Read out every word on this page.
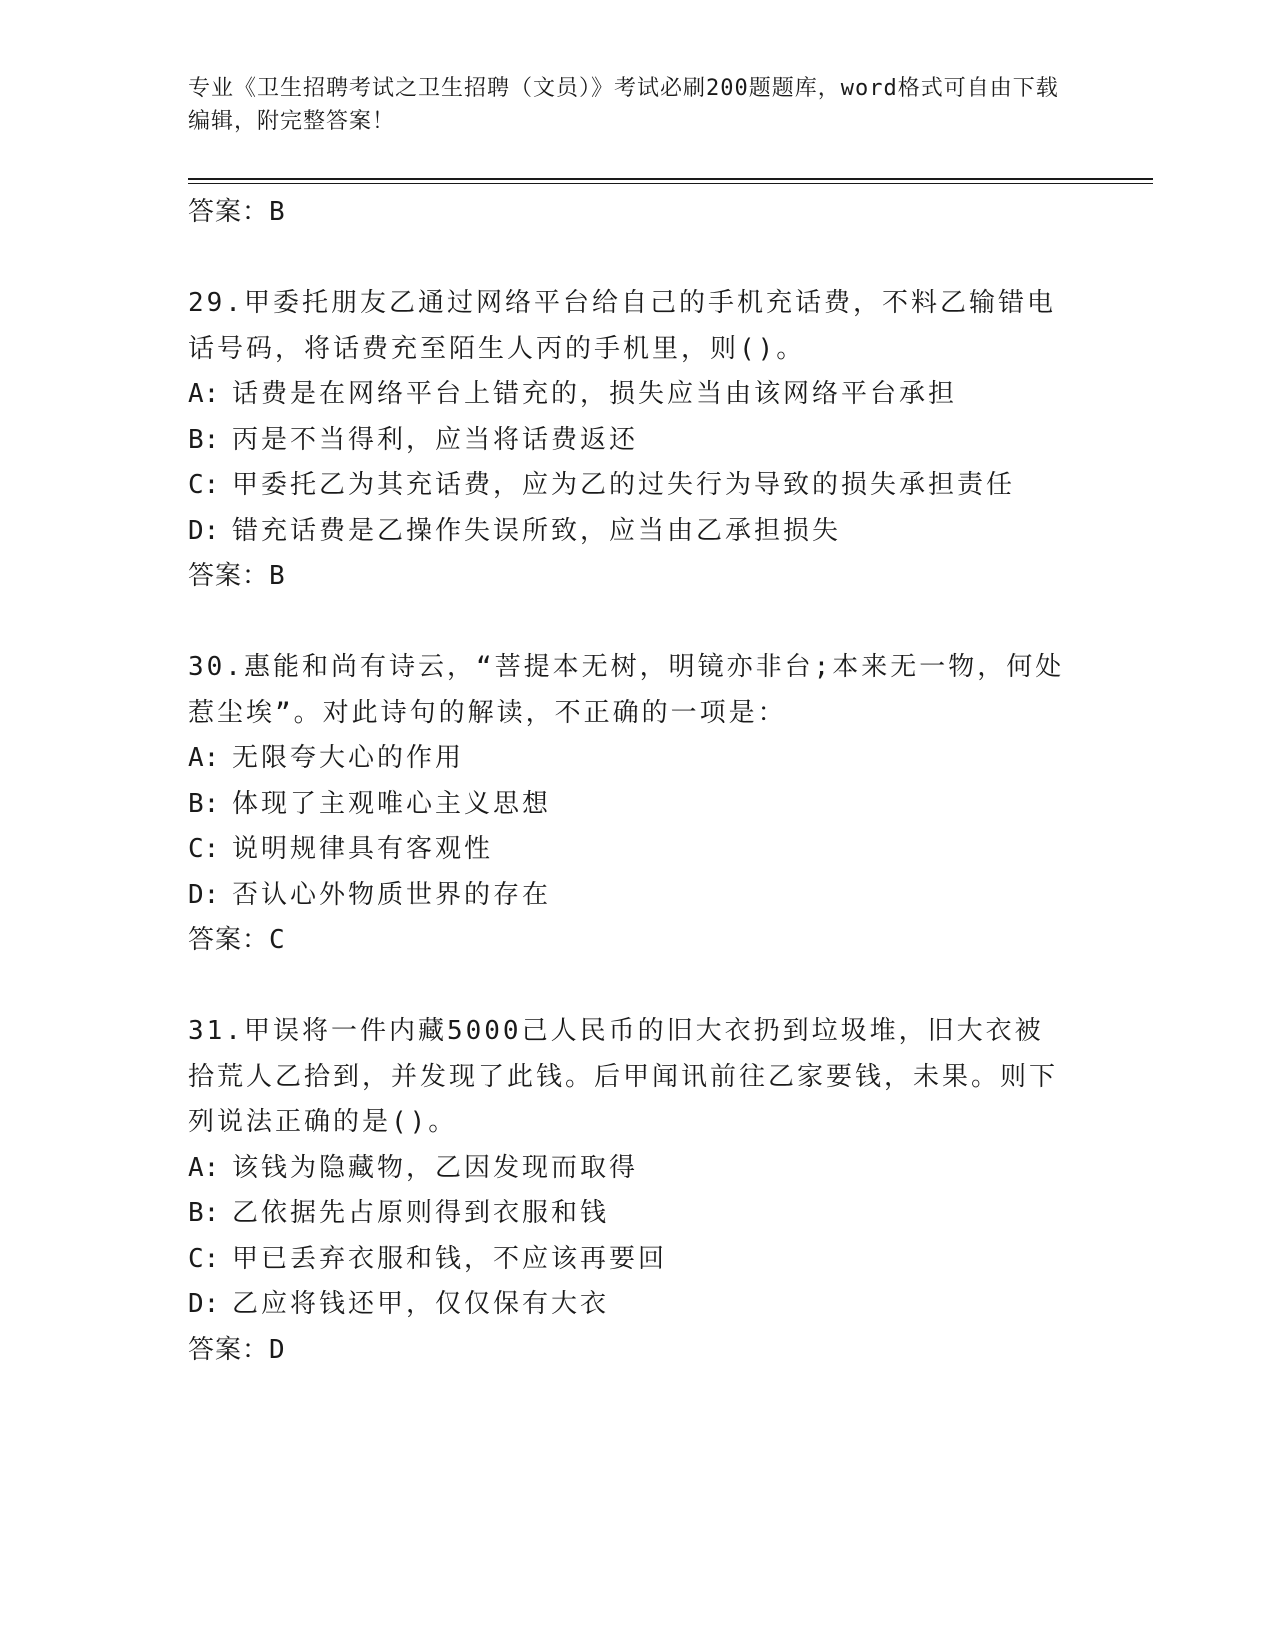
专业《卫生招聘考试之卫生招聘（文员）》考试必刷200题题库，word格式可自由下载编辑，附完整答案！
答案：B
29.甲委托朋友乙通过网络平台给自己的手机充话费，不料乙输错电话号码，将话费充至陌生人丙的手机里，则()。
A: 话费是在网络平台上错充的，损失应当由该网络平台承担
B: 丙是不当得利，应当将话费返还
C: 甲委托乙为其充话费，应为乙的过失行为导致的损失承担责任
D: 错充话费是乙操作失误所致，应当由乙承担损失
答案：B
30.惠能和尚有诗云，“菩提本无树，明镜亦非台;本来无一物，何处惹尘埃”。对此诗句的解读，不正确的一项是：
A: 无限夸大心的作用
B: 体现了主观唯心主义思想
C: 说明规律具有客观性
D: 否认心外物质世界的存在
答案：C
31.甲误将一件内藏5000己人民币的旧大衣扔到垃圾堆，旧大衣被拾荒人乙拾到，并发现了此钱。后甲闻讯前往乙家要钱，未果。则下列说法正确的是()。
A: 该钱为隐藏物，乙因发现而取得
B: 乙依据先占原则得到衣服和钱
C: 甲已丢弃衣服和钱，不应该再要回
D: 乙应将钱还甲，仅仅保有大衣
答案：D
